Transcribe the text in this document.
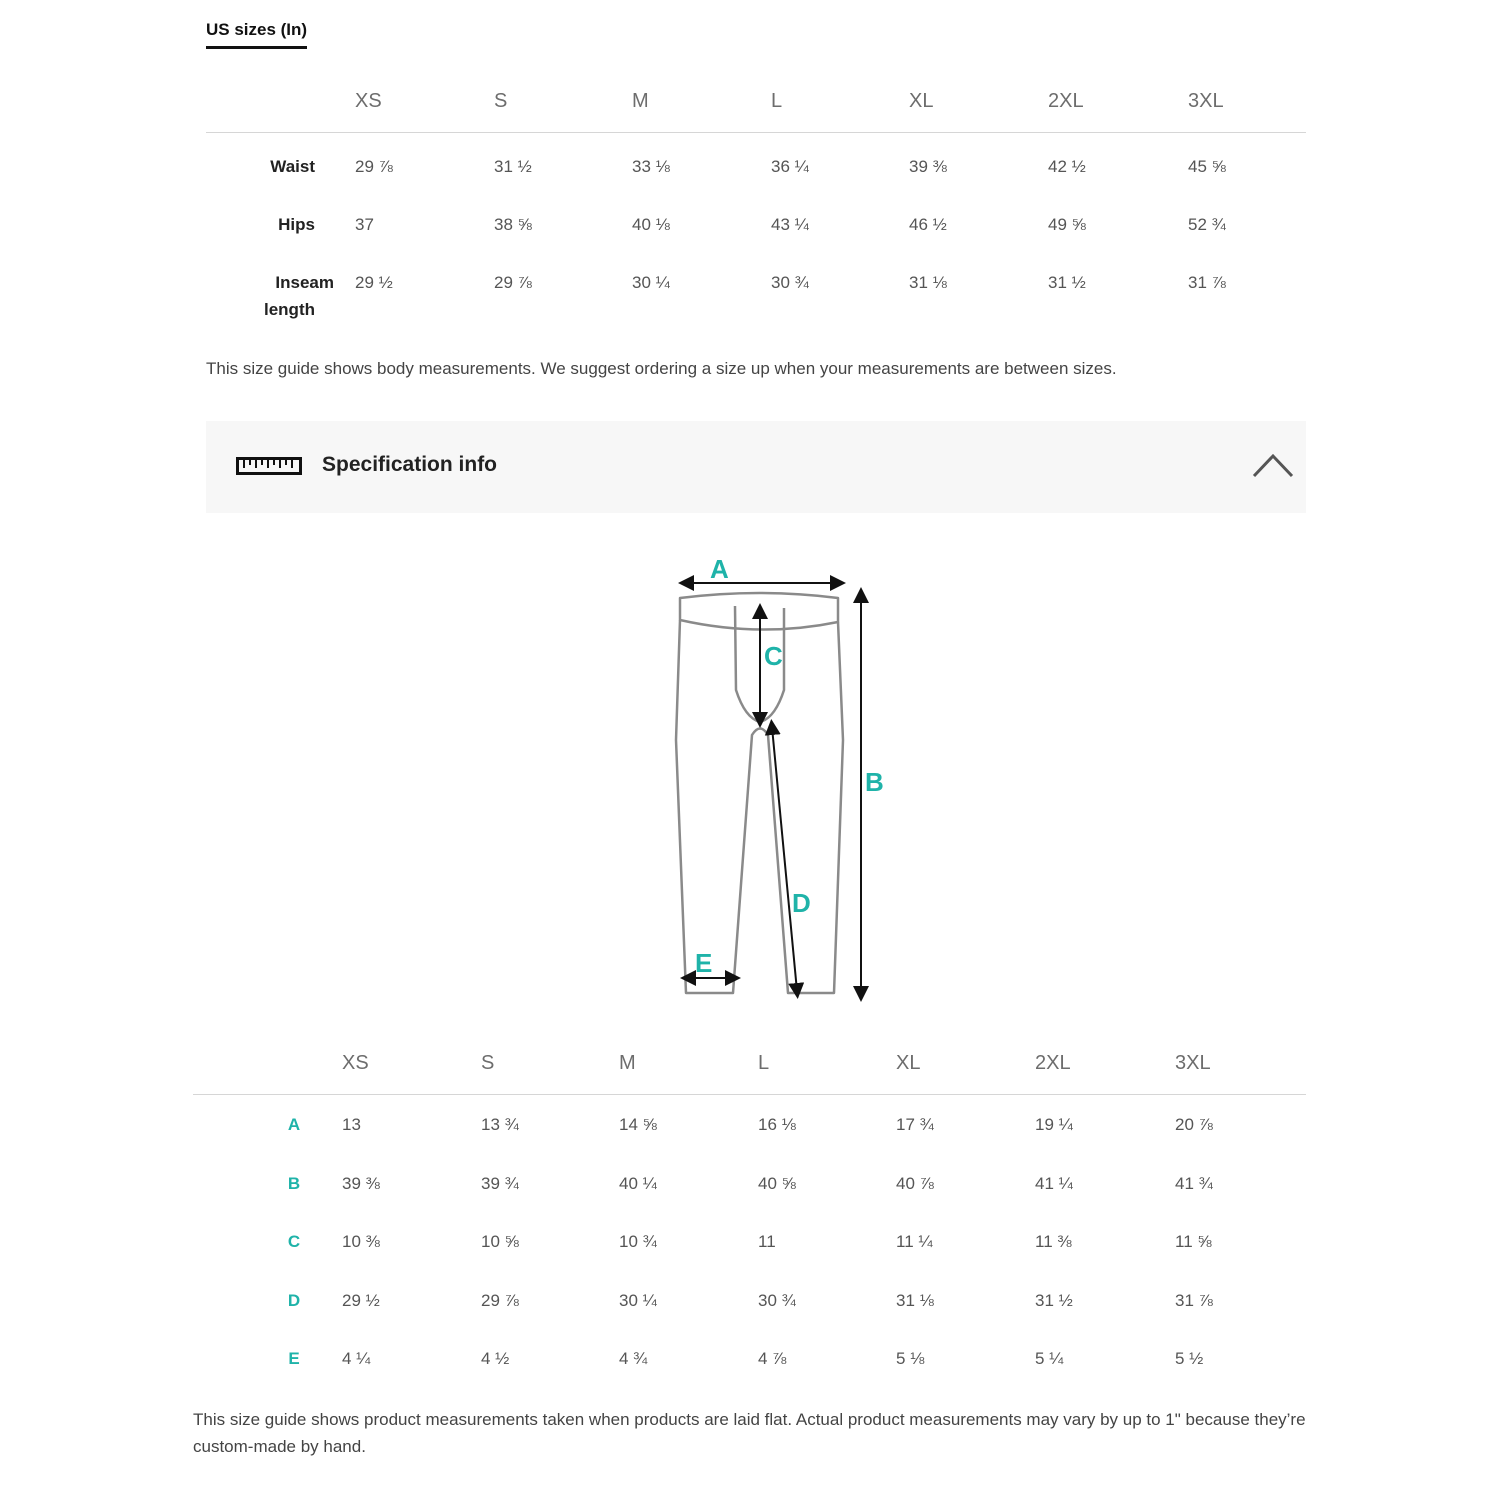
US sizes (In)
XS	S	M	L	XL	2XL	3XL
Waist 29 ⅞	31 ½	33 ⅛	36 ¼	39 ⅜	42 ½	45 ⅝
Hips 37	38 ⅝	40 ⅛	43 ¼	46 ½	49 ⅝	52 ¾
Inseam
length
29 ½	29 ⅞	30 ¼	30 ¾	31 ⅛	31 ½	31 ⅞
This size guide shows body measurements. We suggest ordering a size up when your measurements are between sizes.
Specification info
A
B
C
D
E
XS	S	M	L	XL	2XL	3XL
A	13	13 ¾	14 ⅝	16 ⅛	17 ¾	19 ¼	20 ⅞
B	39 ⅜	39 ¾	40 ¼	40 ⅝	40 ⅞	41 ¼	41 ¾
C	10 ⅜	10 ⅝	10 ¾	11	11 ¼	11 ⅜	11 ⅝
D	29 ½	29 ⅞	30 ¼	30 ¾	31 ⅛	31 ½	31 ⅞
E	4 ¼	4 ½	4 ¾	4 ⅞	5 ⅛	5 ¼	5 ½
This size guide shows product measurements taken when products are laid flat. Actual product measurements may vary by up to 1" because they’re custom-made by hand.
